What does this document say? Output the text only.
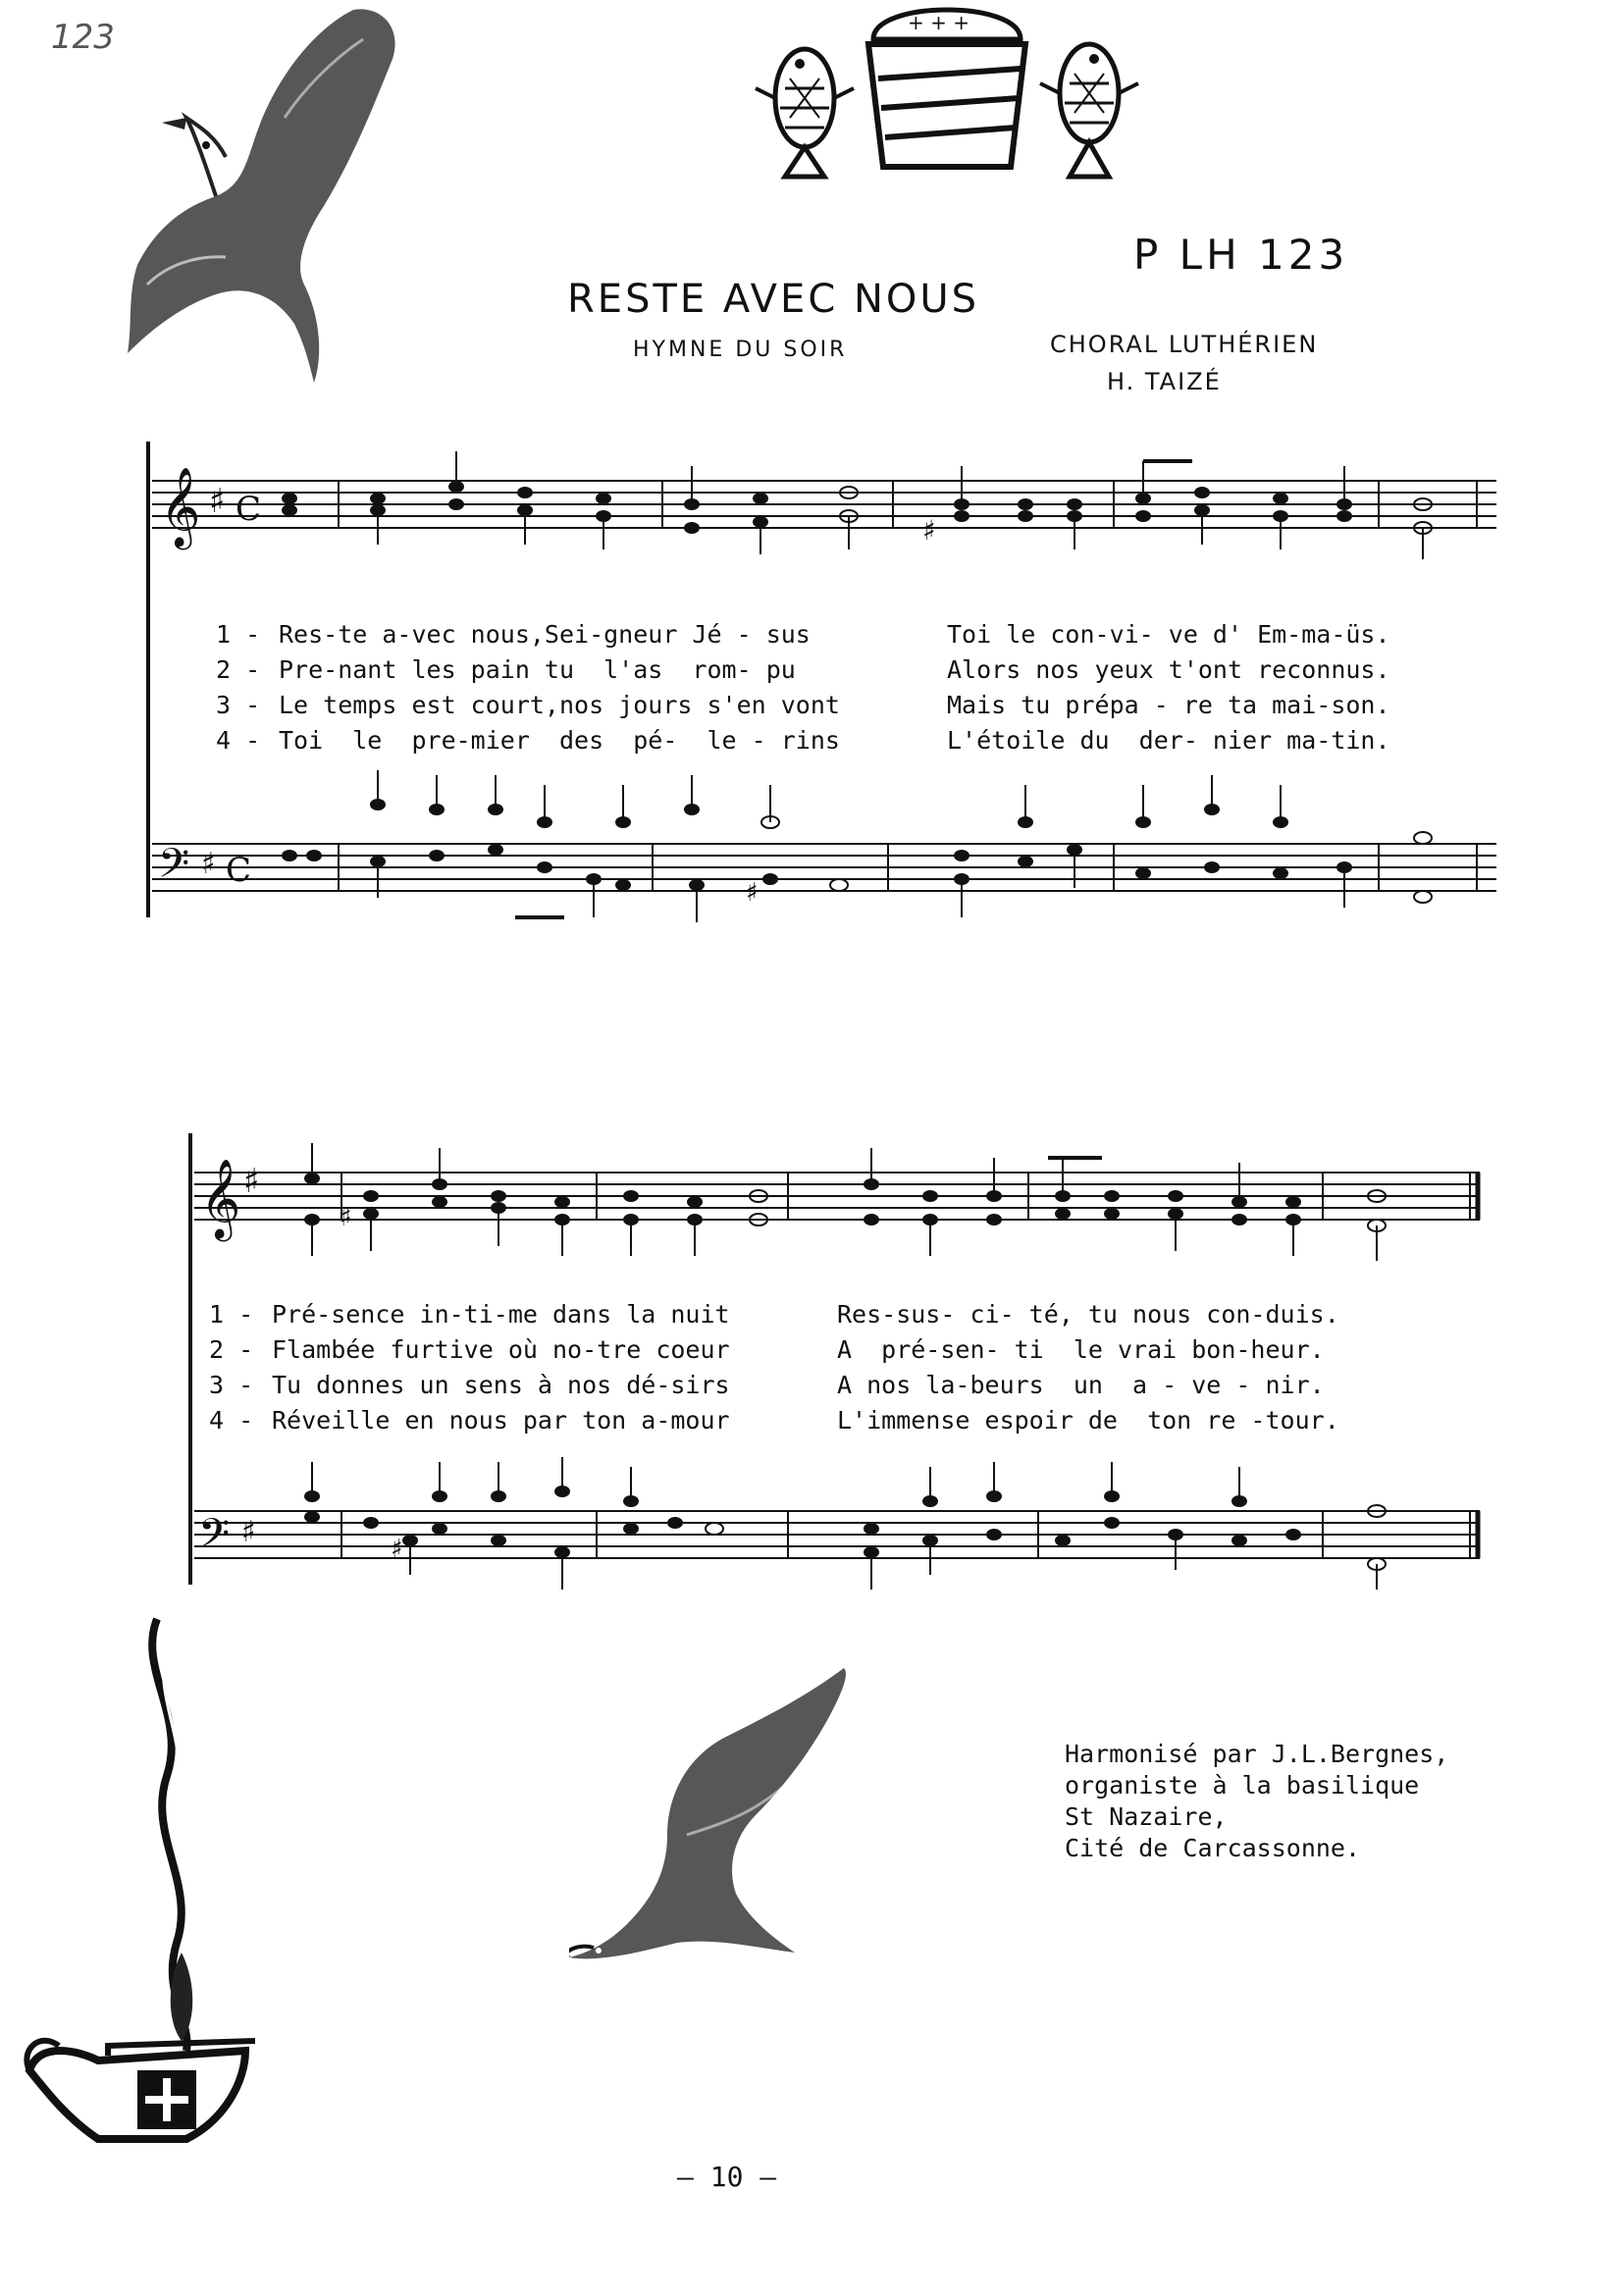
123	+ + +
RESTE AVEC NOUS
HYMNE DU SOIR
P LH 123
CHORAL LUTHÉRIEN
H. TAIZÉ
𝄞 ♯ C
𝄢 ♯ C
♯
♯
1 - Res-te a-vec nous,Sei-gneur Jé - sus	Toi le con-vi- ve d' Em-ma-üs.
2 - Pre-nant les pain tu  l'as  rom- pu	Alors nos yeux t'ont reconnus.
3 - Le temps est court,nos jours s'en vont	Mais tu prépa - re ta mai-son.
4 - Toi  le  pre-mier  des  pé-  le - rins	L'étoile du  der- nier ma-tin.
𝄞 ♯
𝄢 ♯
♯
♯
1 - Pré-sence in-ti-me dans la nuit	Res-sus- ci- té, tu nous con-duis.
2 - Flambée furtive où no-tre coeur	A  pré-sen- ti  le vrai bon-heur.
3 - Tu donnes un sens à nos dé-sirs	A nos la-beurs  un  a - ve - nir.
4 - Réveille en nous par ton a-mour	L'immense espoir de  ton re -tour.
Harmonisé par J.L.Bergnes,
organiste à la basilique
St Nazaire,
Cité de Carcassonne.
— 10 —
